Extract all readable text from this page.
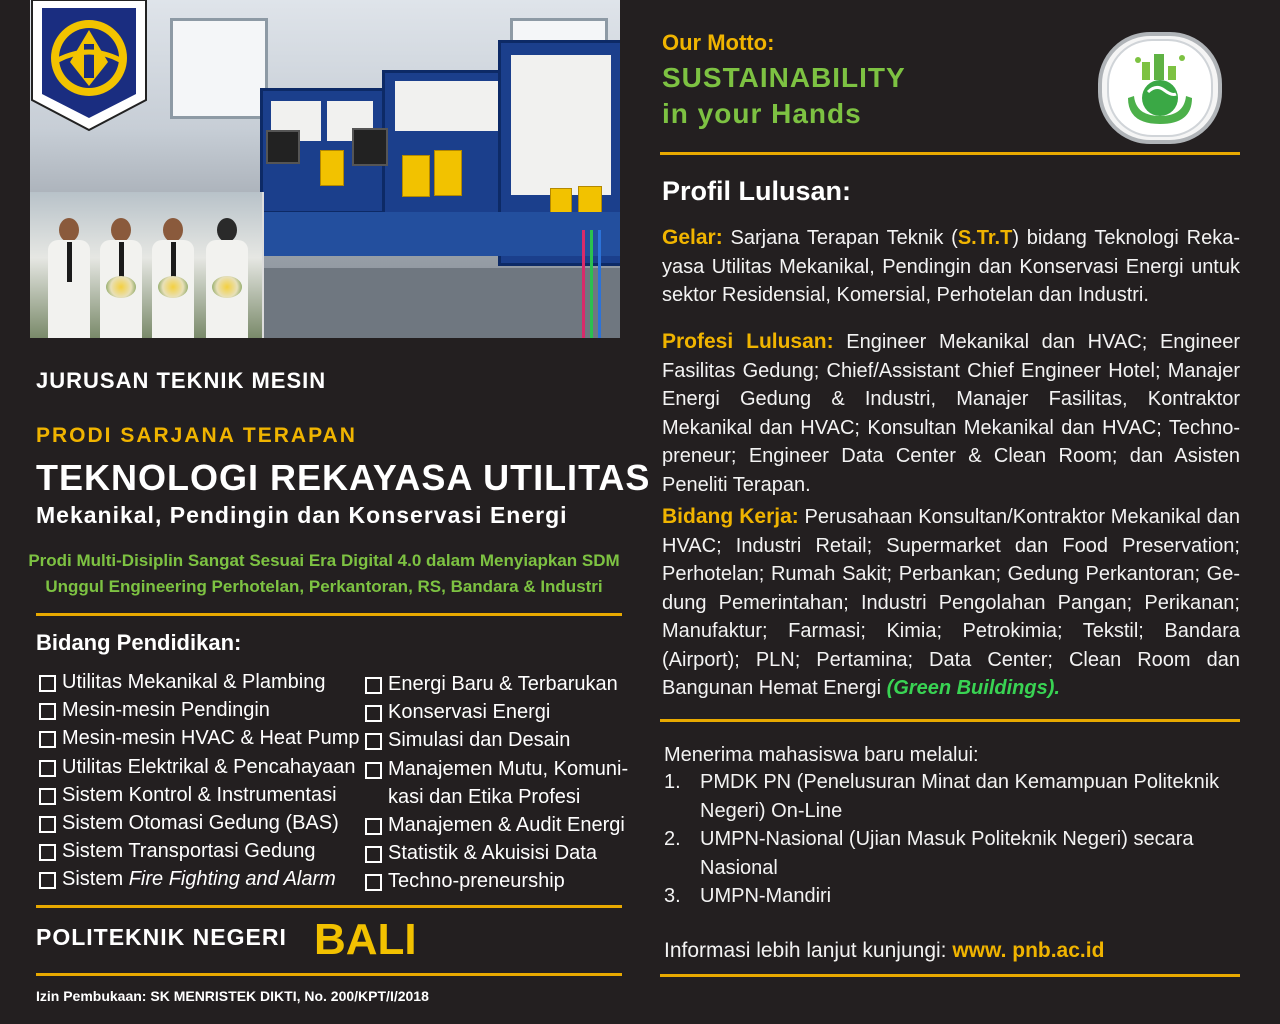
JURUSAN TEKNIK MESIN
PRODI SARJANA TERAPAN
TEKNOLOGI REKAYASA UTILITAS
Mekanikal, Pendingin dan Konservasi Energi
Prodi Multi-Disiplin Sangat Sesuai Era Digital 4.0 dalam Menyiapkan SDM
Unggul Engineering Perhotelan, Perkantoran, RS, Bandara & Industri
Bidang Pendidikan:
Utilitas Mekanikal & Plambing
Mesin-mesin Pendingin
Mesin-mesin HVAC & Heat Pump
Utilitas Elektrikal & Pencahayaan
Sistem Kontrol & Instrumentasi
Sistem Otomasi Gedung (BAS)
Sistem Transportasi Gedung
Sistem Fire Fighting and Alarm
Energi Baru & Terbarukan
Konservasi Energi
Simulasi dan Desain
Manajemen Mutu, Komuni-
kasi dan Etika Profesi
Manajemen & Audit Energi
Statistik & Akuisisi Data
Techno-preneurship
POLITEKNIK NEGERI BALI
Izin Pembukaan: SK MENRISTEK DIKTI, No. 200/KPT/I/2018
Our Motto:
SUSTAINABILITY
in your Hands
Profil Lulusan:
Gelar: Sarjana Terapan Teknik (S.Tr.T) bidang Teknologi Reka-yasa Utilitas Mekanikal, Pendingin dan Konservasi Energi untuk sektor Residensial, Komersial, Perhotelan dan Industri.
Profesi Lulusan: Engineer Mekanikal dan HVAC; Engineer Fasilitas Gedung; Chief/Assistant Chief Engineer Hotel; Manajer Energi Gedung & Industri, Manajer Fasilitas, Kontraktor Mekanikal dan HVAC; Konsultan Mekanikal dan HVAC; Techno-preneur; Engineer Data Center & Clean Room; dan Asisten Peneliti Terapan.
Bidang Kerja: Perusahaan Konsultan/Kontraktor Mekanikal dan HVAC; Industri Retail; Supermarket dan Food Preservation; Perhotelan; Rumah Sakit; Perbankan; Gedung Perkantoran; Ge-dung Pemerintahan; Industri Pengolahan Pangan; Perikanan; Manufaktur; Farmasi; Kimia; Petrokimia; Tekstil; Bandara (Airport); PLN; Pertamina; Data Center; Clean Room dan Bangunan Hemat Energi (Green Buildings).
Menerima mahasiswa baru melalui:
1. PMDK PN (Penelusuran Minat dan Kemampuan Politeknik Negeri) On-Line
2. UMPN-Nasional (Ujian Masuk Politeknik Negeri) secara Nasional
3. UMPN-Mandiri
Informasi lebih lanjut kunjungi: www. pnb.ac.id
